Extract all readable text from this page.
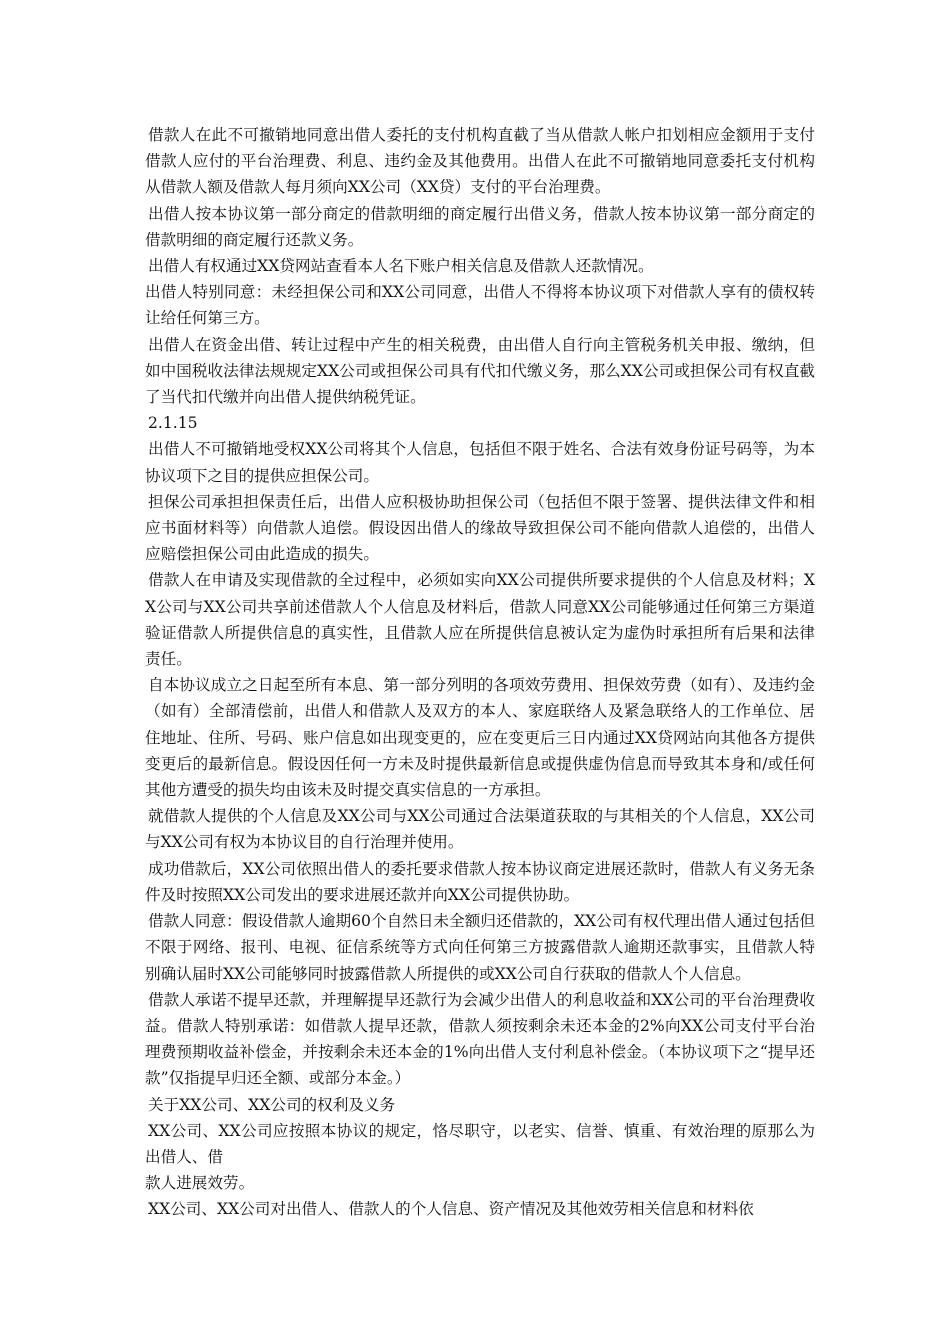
借款人在此不可撤销地同意出借人委托的支付机构直截了当从借款人帐户扣划相应金额用于支付借款人应付的平台治理费、利息、违约金及其他费用。出借人在此不可撤销地同意委托支付机构从借款人额及借款人每月须向XX公司（XX贷）支付的平台治理费。

出借人按本协议第一部分商定的借款明细的商定履行出借义务，借款人按本协议第一部分商定的借款明细的商定履行还款义务。

出借人有权通过XX贷网站查看本人名下账户相关信息及借款人还款情况。

出借人特别同意：未经担保公司和XX公司同意，出借人不得将本协议项下对借款人享有的债权转让给任何第三方。

出借人在资金出借、转让过程中产生的相关税费，由出借人自行向主管税务机关申报、缴纳，但如中国税收法律法规规定XX公司或担保公司具有代扣代缴义务，那么XX公司或担保公司有权直截了当代扣代缴并向出借人提供纳税凭证。

2.1.15

出借人不可撤销地受权XX公司将其个人信息，包括但不限于姓名、合法有效身份证号码等，为本协议项下之目的提供应担保公司。

担保公司承担担保责任后，出借人应积极协助担保公司（包括但不限于签署、提供法律文件和相应书面材料等）向借款人追偿。假设因出借人的缘故导致担保公司不能向借款人追偿的，出借人应赔偿担保公司由此造成的损失。

借款人在申请及实现借款的全过程中，必须如实向XX公司提供所要求提供的个人信息及材料；XX公司与XX公司共享前述借款人个人信息及材料后，借款人同意XX公司能够通过任何第三方渠道验证借款人所提供信息的真实性，且借款人应在所提供信息被认定为虚伪时承担所有后果和法律责任。

自本协议成立之日起至所有本息、第一部分列明的各项效劳费用、担保效劳费（如有）、及违约金（如有）全部清偿前，出借人和借款人及双方的本人、家庭联络人及紧急联络人的工作单位、居住地址、住所、号码、账户信息如出现变更的，应在变更后三日内通过XX贷网站向其他各方提供变更后的最新信息。假设因任何一方未及时提供最新信息或提供虚伪信息而导致其本身和/或任何其他方遭受的损失均由该未及时提交真实信息的一方承担。

就借款人提供的个人信息及XX公司与XX公司通过合法渠道获取的与其相关的个人信息，XX公司与XX公司有权为本协议目的自行治理并使用。

成功借款后，XX公司依照出借人的委托要求借款人按本协议商定进展还款时，借款人有义务无条件及时按照XX公司发出的要求进展还款并向XX公司提供协助。

借款人同意：假设借款人逾期60个自然日未全额归还借款的，XX公司有权代理出借人通过包括但不限于网络、报刊、电视、征信系统等方式向任何第三方披露借款人逾期还款事实，且借款人特别确认届时XX公司能够同时披露借款人所提供的或XX公司自行获取的借款人个人信息。

借款人承诺不提早还款，并理解提早还款行为会减少出借人的利息收益和XX公司的平台治理费收益。借款人特别承诺：如借款人提早还款，借款人须按剩余未还本金的2%向XX公司支付平台治理费预期收益补偿金，并按剩余未还本金的1%向出借人支付利息补偿金。（本协议项下之“提早还款”仅指提早归还全额、或部分本金。）

关于XX公司、XX公司的权利及义务

XX公司、XX公司应按照本协议的规定，恪尽职守，以老实、信誉、慎重、有效治理的原那么为出借人、借

款人进展效劳。

XX公司、XX公司对出借人、借款人的个人信息、资产情况及其他效劳相关信息和材料依
